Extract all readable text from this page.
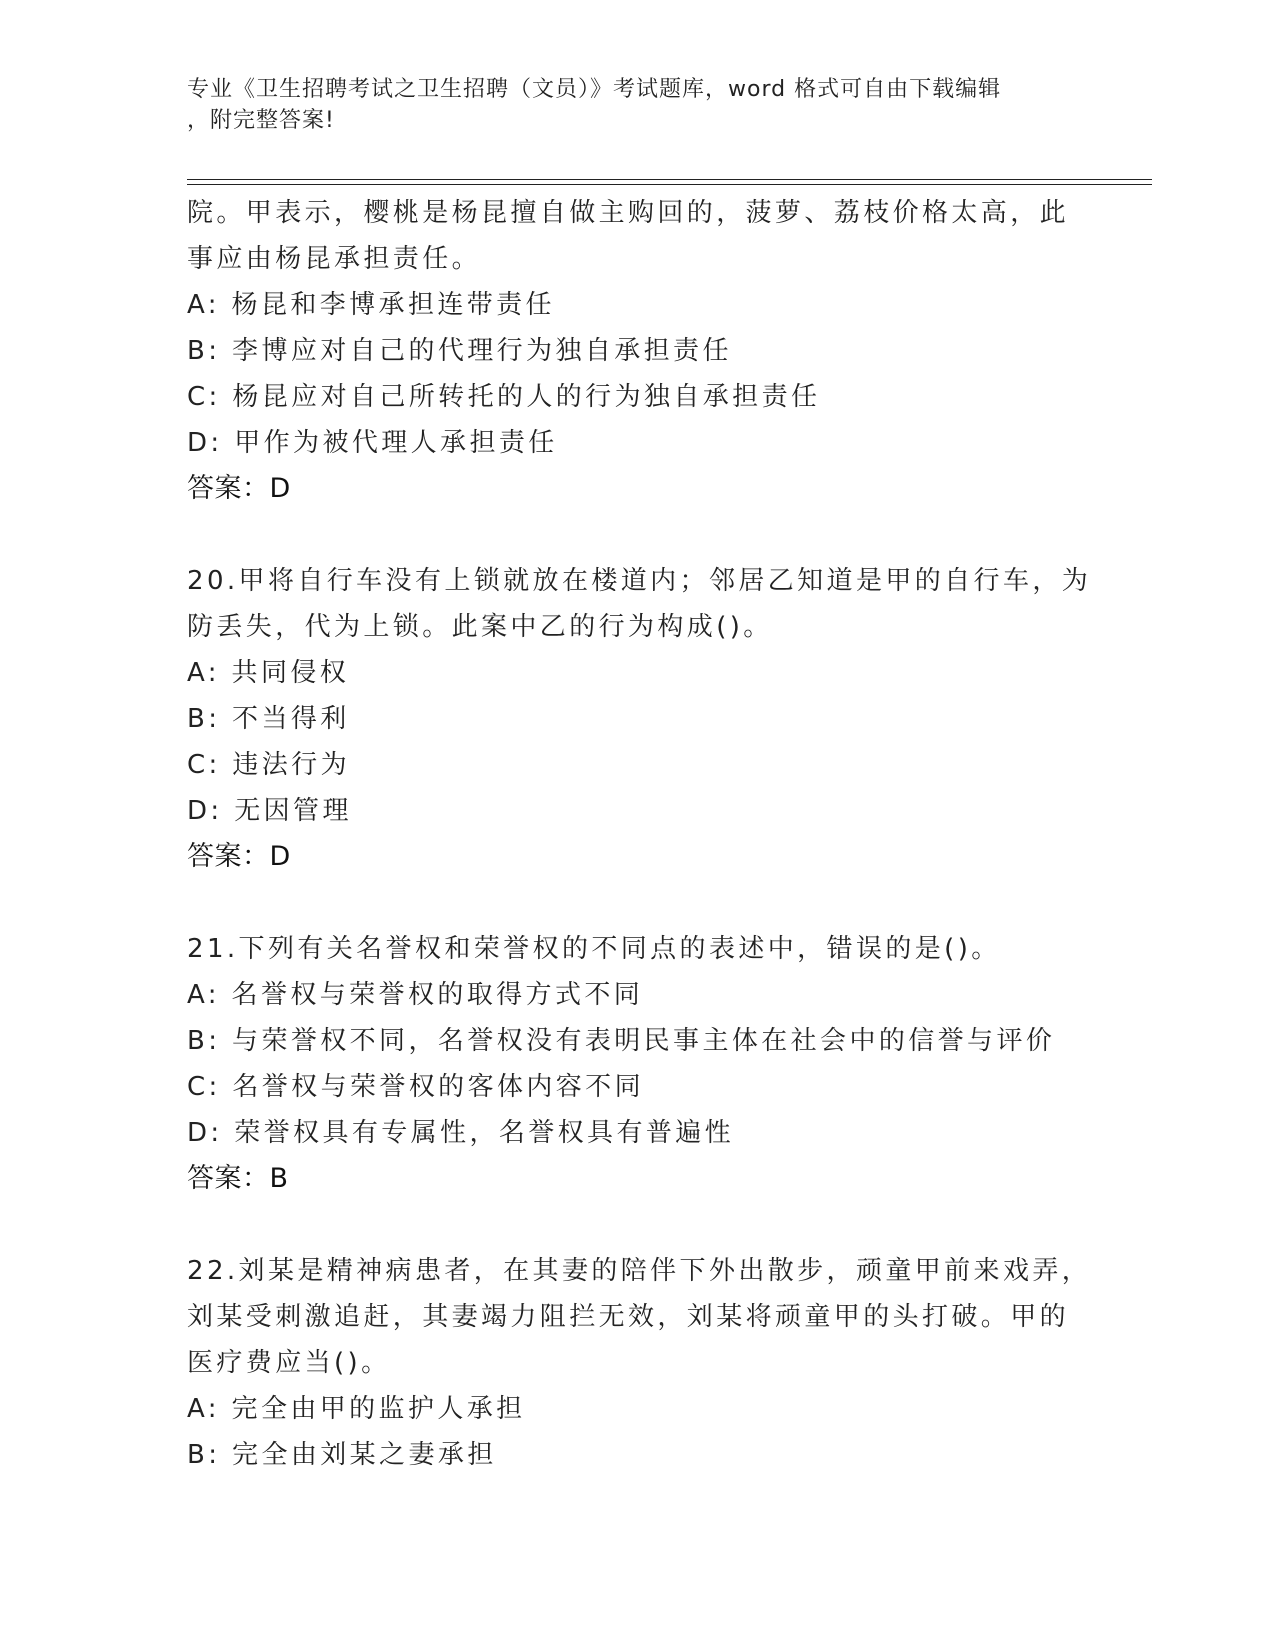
专业《卫生招聘考试之卫生招聘（文员）》考试题库，word 格式可自由下载编辑
，附完整答案!
院。甲表示，樱桃是杨昆擅自做主购回的，菠萝、荔枝价格太高，此
事应由杨昆承担责任。
A: 杨昆和李博承担连带责任
B: 李博应对自己的代理行为独自承担责任
C: 杨昆应对自己所转托的人的行为独自承担责任
D: 甲作为被代理人承担责任
答案：D
20.甲将自行车没有上锁就放在楼道内；邻居乙知道是甲的自行车，为
防丢失，代为上锁。此案中乙的行为构成()。
A: 共同侵权
B: 不当得利
C: 违法行为
D: 无因管理
答案：D
21.下列有关名誉权和荣誉权的不同点的表述中，错误的是()。
A: 名誉权与荣誉权的取得方式不同
B: 与荣誉权不同，名誉权没有表明民事主体在社会中的信誉与评价
C: 名誉权与荣誉权的客体内容不同
D: 荣誉权具有专属性，名誉权具有普遍性
答案：B
22.刘某是精神病患者，在其妻的陪伴下外出散步，顽童甲前来戏弄，
刘某受刺激追赶，其妻竭力阻拦无效，刘某将顽童甲的头打破。甲的
医疗费应当()。
A: 完全由甲的监护人承担
B: 完全由刘某之妻承担
